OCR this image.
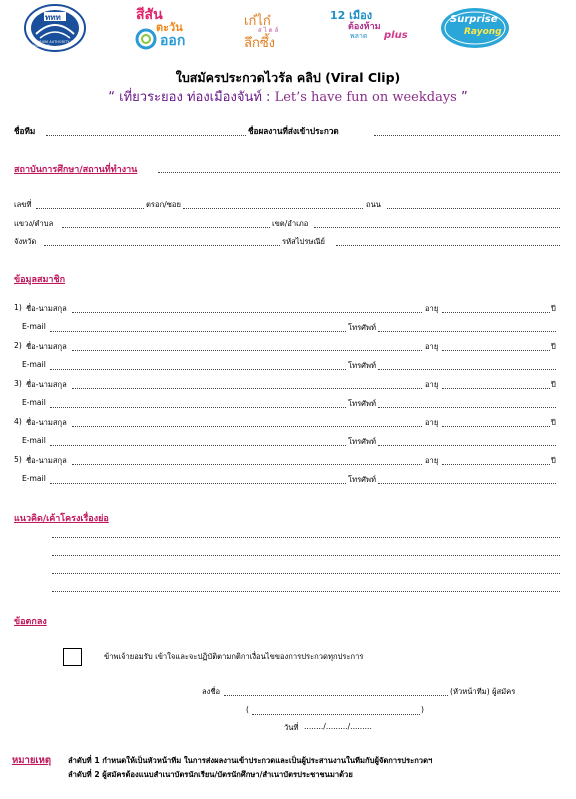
ททท
TOURISM AUTHORITY OF THAILAND
สีสัน
ตะวัน
ออก
เก๋ไก๋
สไตล์
ลึกซึ้ง
12 เมือง
ต้องห้าม
พลาด plus
Surprise
Rayong
ใบสมัครประกวดไวรัล คลิป (Viral Clip)
“ เที่ยวระยอง ท่องเมืองจันท์ : Let’s have fun on weekdays ”
ชื่อทีม	ชื่อผลงานที่ส่งเข้าประกวด
สถาบันการศึกษา/สถานที่ทำงาน
เลขที่	ตรอก/ซอย	ถนน
แขวง/ตำบล	เขต/อำเภอ
จังหวัด	รหัสไปรษณีย์
ข้อมูลสมาชิก
1) ชื่อ-นามสกุล	อายุ	ปี
E-mail	โทรศัพท์
2) ชื่อ-นามสกุล	อายุ	ปี
E-mail	โทรศัพท์
3) ชื่อ-นามสกุล	อายุ	ปี
E-mail	โทรศัพท์
4) ชื่อ-นามสกุล	อายุ	ปี
E-mail	โทรศัพท์
5) ชื่อ-นามสกุล	อายุ	ปี
E-mail	โทรศัพท์
แนวคิด/เค้าโครงเรื่องย่อ
ข้อตกลง
ข้าพเจ้ายอมรับ เข้าใจและจะปฏิบัติตามกติกาเงื่อนไขของการประกวดทุกประการ
ลงชื่อ	(หัวหน้าทีม) ผู้สมัคร
(	)
วันที่ ......../........./.........
หมายเหตุ ลำดับที่ 1 กำหนดให้เป็นหัวหน้าทีม ในการส่งผลงานเข้าประกวดและเป็นผู้ประสานงานในทีมกับผู้จัดการประกวดฯ
ลำดับที่ 2 ผู้สมัครต้องแนบสำเนาบัตรนักเรียน/บัตรนักศึกษา/สำเนาบัตรประชาชนมาด้วย
